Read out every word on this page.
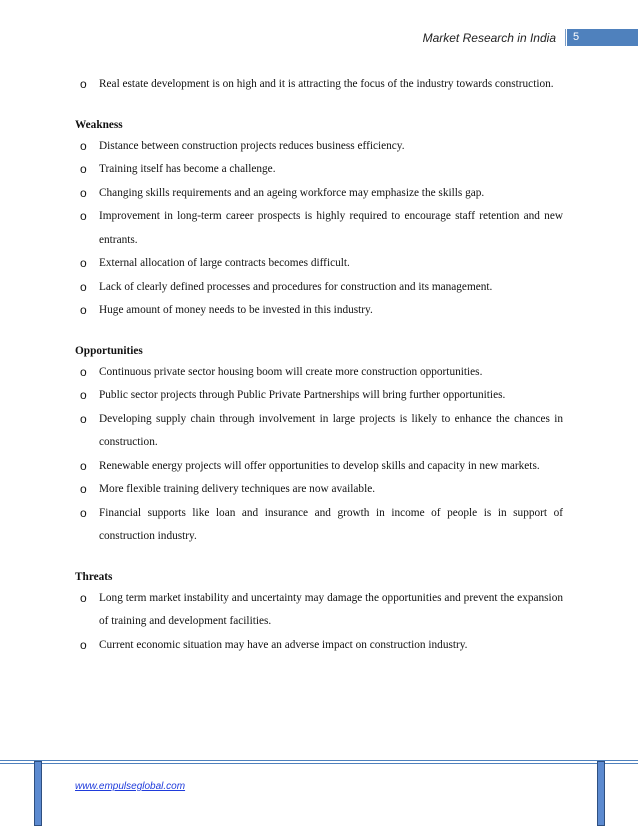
Market Research in India	5
o Real estate development is on high and it is attracting the focus of the industry towards construction.
Weakness
o Distance between construction projects reduces business efficiency.
o Training itself has become a challenge.
o Changing skills requirements and an ageing workforce may emphasize the skills gap.
o Improvement in long-term career prospects is highly required to encourage staff retention and new entrants.
o External allocation of large contracts becomes difficult.
o Lack of clearly defined processes and procedures for construction and its management.
o Huge amount of money needs to be invested in this industry.
Opportunities
o Continuous private sector housing boom will create more construction opportunities.
o Public sector projects through Public Private Partnerships will bring further opportunities.
o Developing supply chain through involvement in large projects is likely to enhance the chances in construction.
o Renewable energy projects will offer opportunities to develop skills and capacity in new markets.
o More flexible training delivery techniques are now available.
o Financial supports like loan and insurance and growth in income of people is in support of construction industry.
Threats
o Long term market instability and uncertainty may damage the opportunities and prevent the expansion of training and development facilities.
o Current economic situation may have an adverse impact on construction industry.
www.empulseglobal.com
